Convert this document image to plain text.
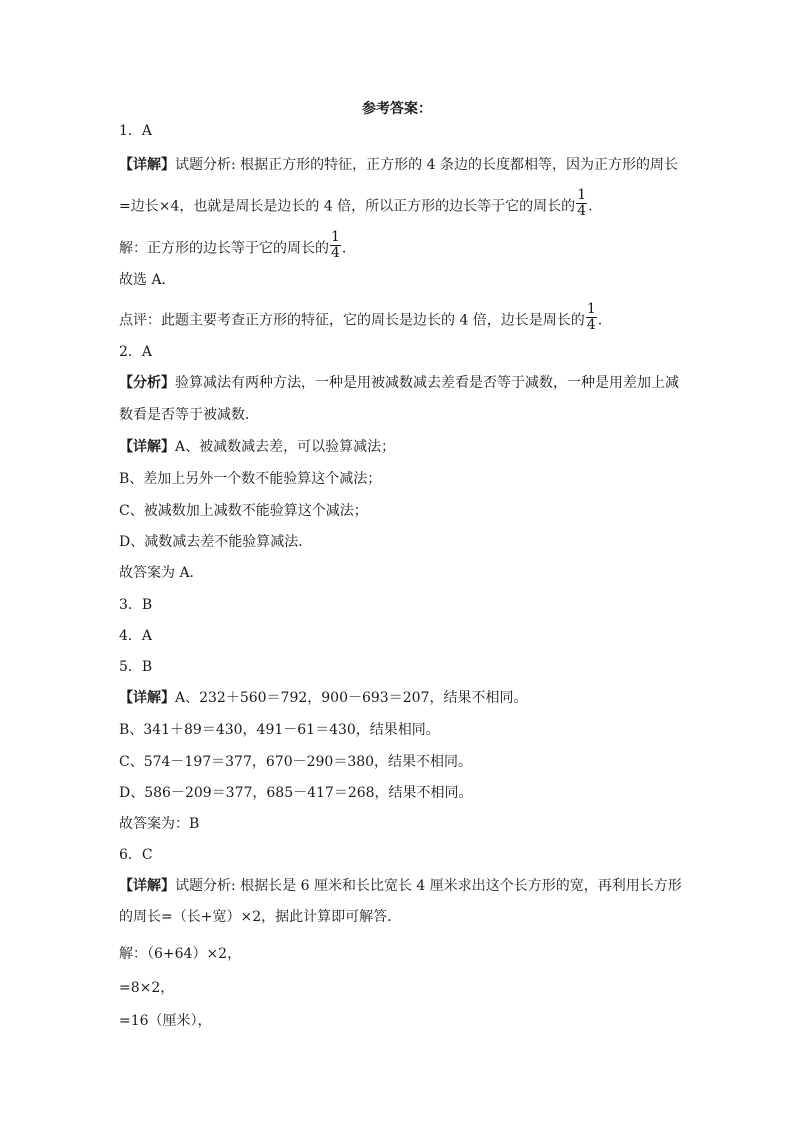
参考答案：
1．A
【详解】试题分析: 根据正方形的特征，正方形的 4 条边的长度都相等，因为正方形的周长
=边长×4，也就是周长是边长的 4 倍，所以正方形的边长等于它的周长的 $\frac{1}{4}$ .
解：正方形的边长等于它的周长的 $\frac{1}{4}$ .
故选 A．
点评：此题主要考查正方形的特征，它的周长是边长的 4 倍，边长是周长的 $\frac{1}{4}$ .
2．A
【分析】验算减法有两种方法，一种是用被减数减去差看是否等于减数，一种是用差加上减
数看是否等于被减数．
【详解】A、被减数减去差，可以验算减法；
B、差加上另外一个数不能验算这个减法；
C、被减数加上减数不能验算这个减法；
D、减数减去差不能验算减法．
故答案为 A．
3．B
4．A
5．B
【详解】A、232＋560＝792，900－693＝207，结果不相同。
B、341＋89＝430，491－61＝430，结果相同。
C、574－197＝377，670－290＝380，结果不相同。
D、586－209＝377，685－417＝268，结果不相同。
故答案为：B
6．C
【详解】试题分析: 根据长是 6 厘米和长比宽长 4 厘米求出这个长方形的宽，再利用长方形
的周长=（长+宽）×2，据此计算即可解答．
解：（6+64）×2，
=8×2，
=16（厘米），
